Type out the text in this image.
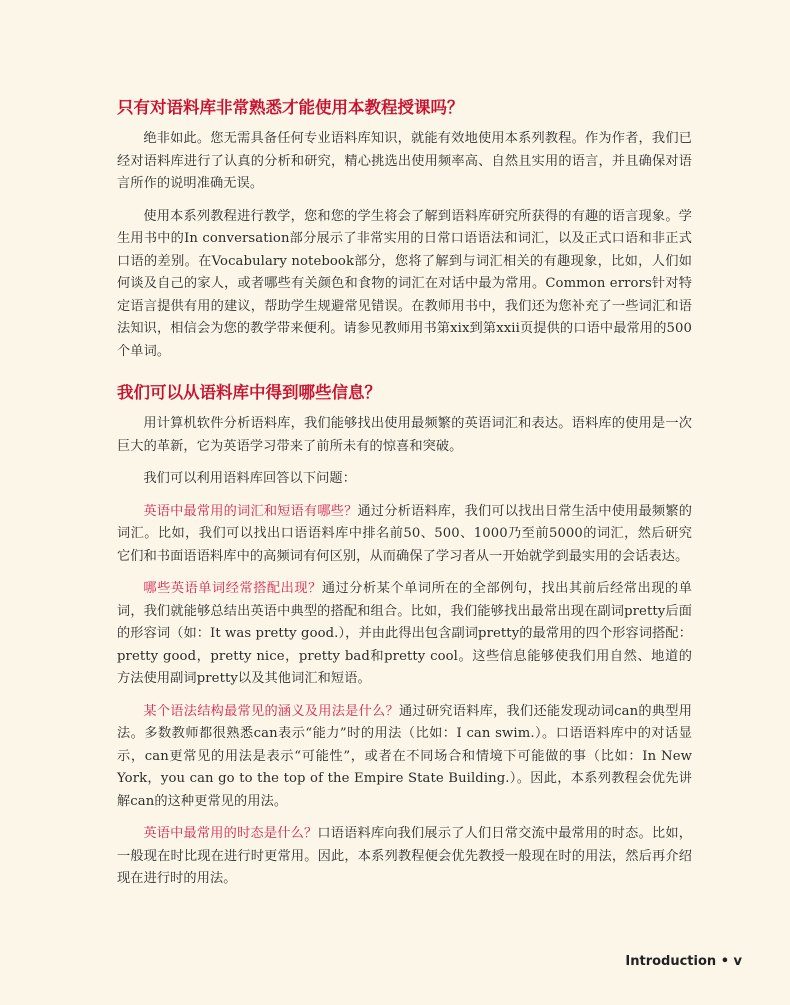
只有对语料库非常熟悉才能使用本教程授课吗？

绝非如此。您无需具备任何专业语料库知识，就能有效地使用本系列教程。作为作者，我们已经对语料库进行了认真的分析和研究，精心挑选出使用频率高、自然且实用的语言，并且确保对语言所作的说明准确无误。

使用本系列教程进行教学，您和您的学生将会了解到语料库研究所获得的有趣的语言现象。学生用书中的In conversation部分展示了非常实用的日常口语语法和词汇，以及正式口语和非正式口语的差别。在Vocabulary notebook部分，您将了解到与词汇相关的有趣现象，比如，人们如何谈及自己的家人，或者哪些有关颜色和食物的词汇在对话中最为常用。Common errors针对特定语言提供有用的建议，帮助学生规避常见错误。在教师用书中，我们还为您补充了一些词汇和语法知识，相信会为您的教学带来便利。请参见教师用书第xix到第xxii页提供的口语中最常用的500个单词。

我们可以从语料库中得到哪些信息？

用计算机软件分析语料库，我们能够找出使用最频繁的英语词汇和表达。语料库的使用是一次巨大的革新，它为英语学习带来了前所未有的惊喜和突破。

我们可以利用语料库回答以下问题：

英语中最常用的词汇和短语有哪些？通过分析语料库，我们可以找出日常生活中使用最频繁的词汇。比如，我们可以找出口语语料库中排名前50、500、1000乃至前5000的词汇，然后研究它们和书面语语料库中的高频词有何区别，从而确保了学习者从一开始就学到最实用的会话表达。

哪些英语单词经常搭配出现？通过分析某个单词所在的全部例句，找出其前后经常出现的单词，我们就能够总结出英语中典型的搭配和组合。比如，我们能够找出最常出现在副词pretty后面的形容词（如：It was pretty good.），并由此得出包含副词pretty的最常用的四个形容词搭配：pretty good，pretty nice，pretty bad和pretty cool。这些信息能够使我们用自然、地道的方法使用副词pretty以及其他词汇和短语。

某个语法结构最常见的涵义及用法是什么？通过研究语料库，我们还能发现动词can的典型用法。多数教师都很熟悉can表示“能力”时的用法（比如：I can swim.）。口语语料库中的对话显示，can更常见的用法是表示“可能性”，或者在不同场合和情境下可能做的事（比如：In New York，you can go to the top of the Empire State Building.）。因此，本系列教程会优先讲解can的这种更常见的用法。

英语中最常用的时态是什么？口语语料库向我们展示了人们日常交流中最常用的时态。比如，一般现在时比现在进行时更常用。因此，本系列教程便会优先教授一般现在时的用法，然后再介绍现在进行时的用法。

Introduction • v
